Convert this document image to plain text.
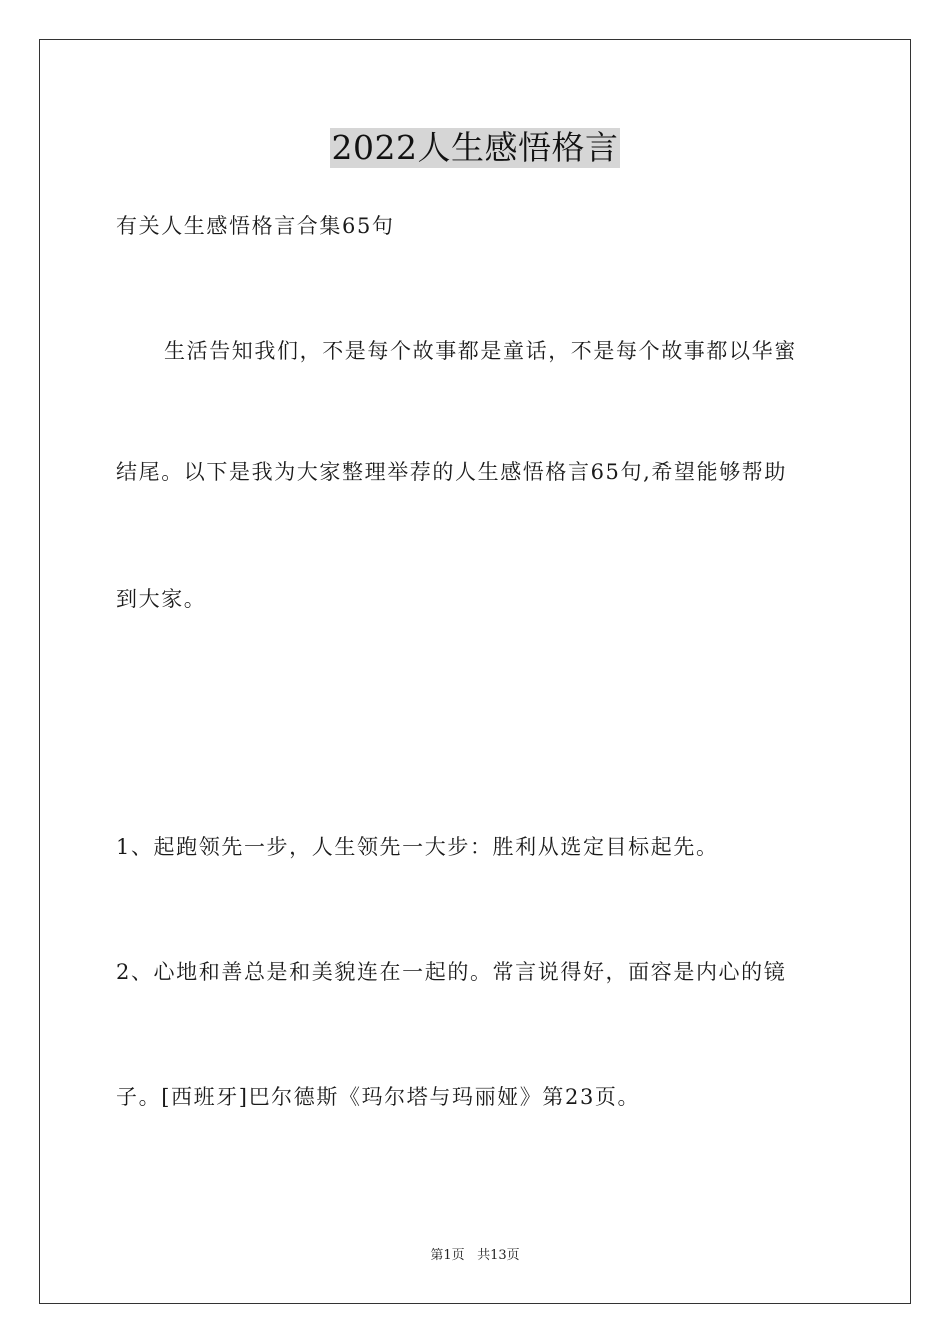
2022人生感悟格言
有关人生感悟格言合集65句
生活告知我们，不是每个故事都是童话，不是每个故事都以华蜜
结尾。以下是我为大家整理举荐的人生感悟格言65句,希望能够帮助
到大家。
1、起跑领先一步，人生领先一大步：胜利从选定目标起先。
2、心地和善总是和美貌连在一起的。常言说得好，面容是内心的镜
子。[西班牙]巴尔德斯《玛尔塔与玛丽娅》第23页。
第1页 共13页
